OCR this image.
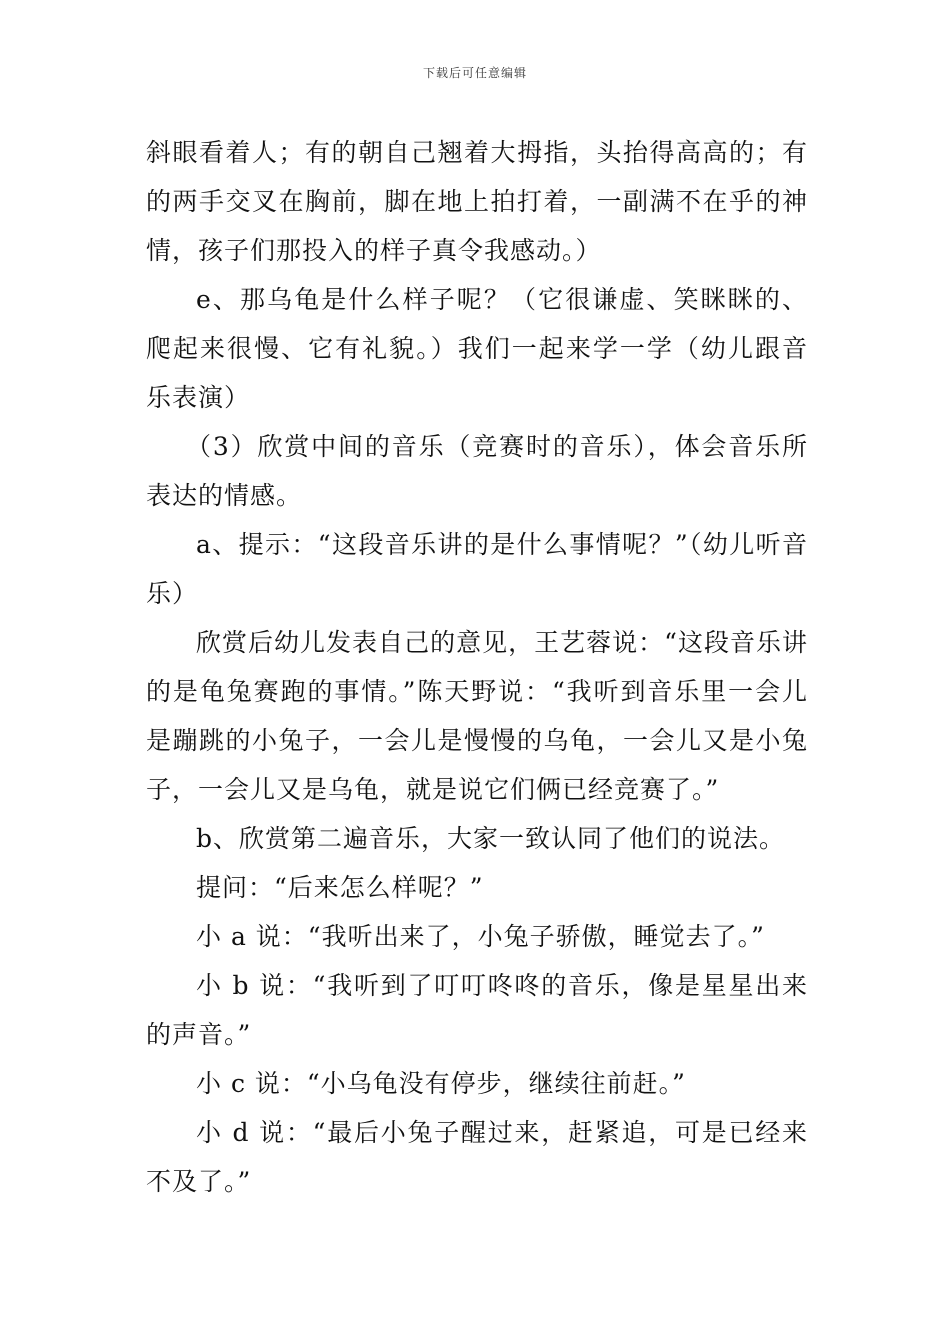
下载后可任意编辑

斜眼看着人；有的朝自己翘着大拇指，头抬得高高的；有的两手交叉在胸前，脚在地上拍打着，一副满不在乎的神情，孩子们那投入的样子真令我感动。）

e、那乌龟是什么样子呢？（它很谦虚、笑眯眯的、爬起来很慢、它有礼貌。）我们一起来学一学（幼儿跟音乐表演）

（3）欣赏中间的音乐（竞赛时的音乐），体会音乐所表达的情感。

a、提示：“这段音乐讲的是什么事情呢？”（幼儿听音乐）

欣赏后幼儿发表自己的意见，王艺蓉说：“这段音乐讲的是龟兔赛跑的事情。”陈天野说：“我听到音乐里一会儿是蹦跳的小兔子，一会儿是慢慢的乌龟，一会儿又是小兔子，一会儿又是乌龟，就是说它们俩已经竞赛了。”

b、欣赏第二遍音乐，大家一致认同了他们的说法。

提问：“后来怎么样呢？”

小 a 说：“我听出来了，小兔子骄傲，睡觉去了。”

小 b 说：“我听到了叮叮咚咚的音乐，像是星星出来的声音。”

小 c 说：“小乌龟没有停步，继续往前赶。”

小 d 说：“最后小兔子醒过来，赶紧追，可是已经来不及了。”
